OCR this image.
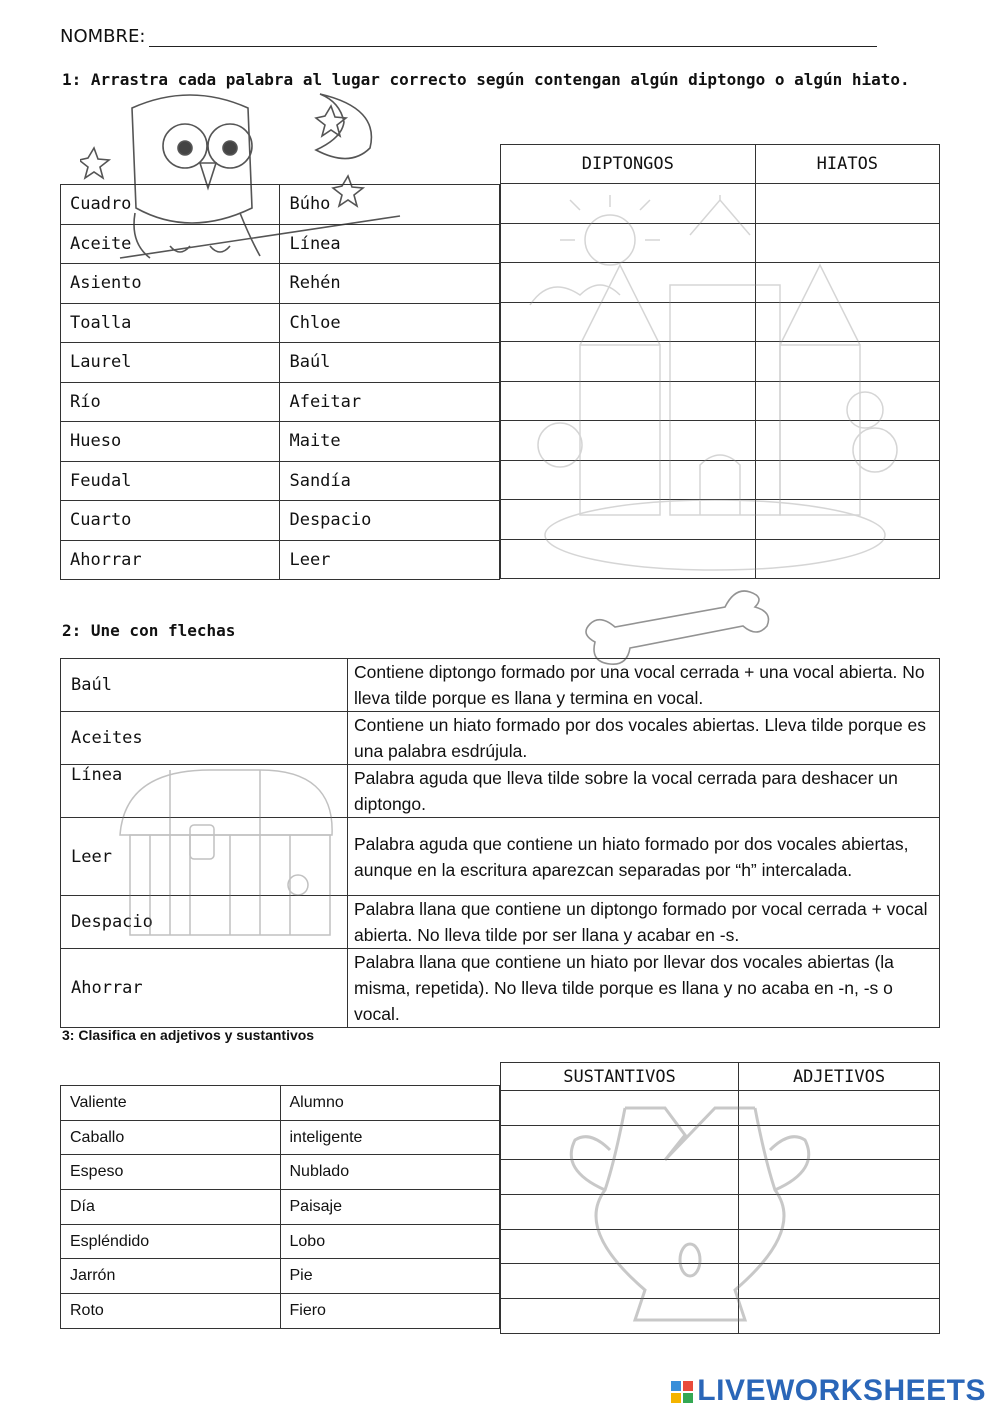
NOMBRE:
1: Arrastra cada palabra al lugar correcto según contengan algún diptongo o algún hiato.
Cuadro	Búho
Aceite	Línea
Asiento	Rehén
Toalla	Chloe
Laurel	Baúl
Río	Afeitar
Hueso	Maite
Feudal	Sandía
Cuarto	Despacio
Ahorrar	Leer
DIPTONGOS	HIATOS

2: Une con flechas
Baúl	Contiene diptongo formado por una vocal cerrada + una vocal abierta. No lleva tilde porque es llana y termina en vocal.
Aceites	Contiene un hiato formado por dos vocales abiertas. Lleva tilde porque es una palabra esdrújula.
Línea	Palabra aguda que lleva tilde sobre la vocal cerrada para deshacer un diptongo.
Leer	Palabra aguda que contiene un hiato formado por dos vocales abiertas, aunque en la escritura aparezcan separadas por “h” intercalada.
Despacio	Palabra llana que contiene un diptongo formado por vocal cerrada + vocal abierta. No lleva tilde por ser llana y acabar en -s.
Ahorrar	Palabra llana que contiene un hiato por llevar dos vocales abiertas (la misma, repetida). No lleva tilde porque es llana y no acaba en -n, -s o vocal.
3: Clasifica en adjetivos y sustantivos
Valiente	Alumno
Caballo	inteligente
Espeso	Nublado
Día	Paisaje
Espléndido	Lobo
Jarrón	Pie
Roto	Fiero
SUSTANTIVOS	ADJETIVOS

LIVEWORKSHEETS
